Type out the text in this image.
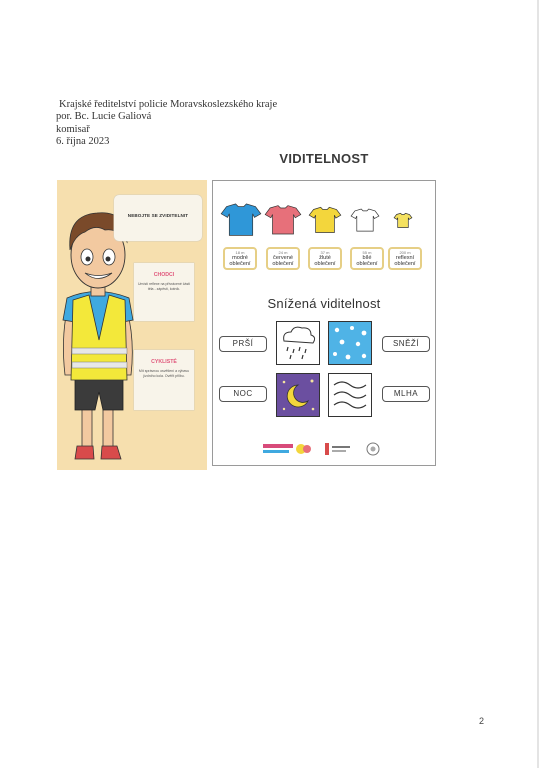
Krajské ředitelství policie Moravskoslezského kraje
por. Bc. Lucie Galiová
komisař
6. října 2023
VIDITELNOST
NEBOJTE SE ZVIDITELNIT
CHODCI

Umístí reflexe na přivrácené části těla - zápěstí, kotník.

CYKLISTÉ

Mít správnou osvětlení a výbavu jízdního kola. Ověřit přilbu.

18 m
modré oblečení
24 m
červené oblečení
37 m
žluté oblečení
55 m
bílé oblečení
200 m
reflexní oblečení
Snížená viditelnost
PRŠÍ	SNĚŽÍ
NOC	MLHA
2
